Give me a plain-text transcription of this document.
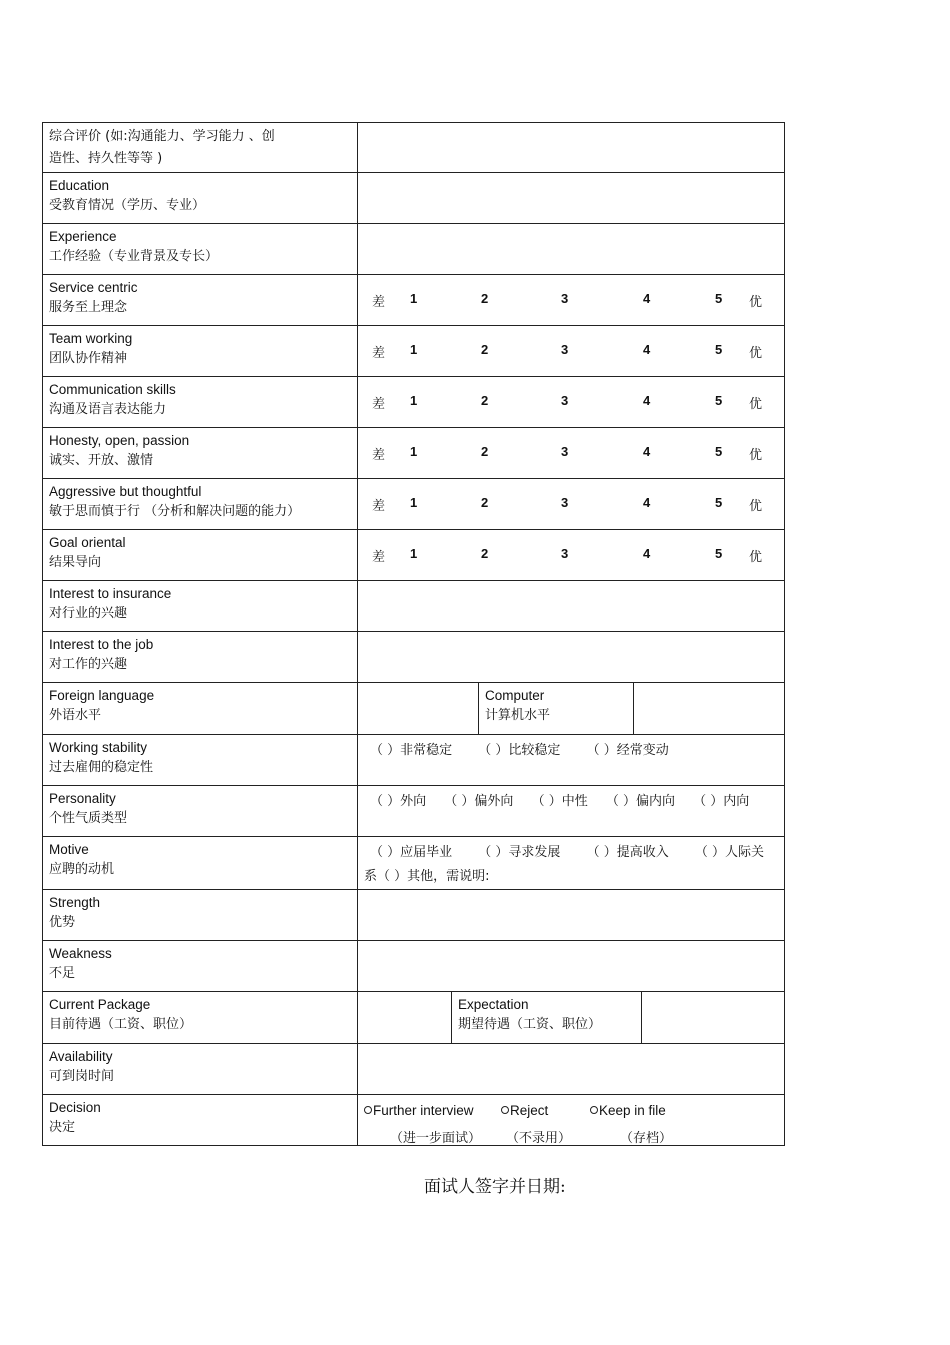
综合评价 (如:沟通能力、学习能力 、创
造性、持久性等等 )

Education
受教育情况（学历、专业）

Experience
工作经验（专业背景及专长）

Service centric
服务至上理念	差 1	2	3	4	5 优

Team working
团队协作精神	差 1	2	3	4	5 优

Communication skills
沟通及语言表达能力	差 1	2	3	4	5 优

Honesty, open, passion
诚实、开放、激情	差 1	2	3	4	5 优

Aggressive but thoughtful
敏于思而慎于行 （分析和解决问题的能力）	差 1	2	3	4	5 优

Goal oriental
结果导向	差 1	2	3	4	5 优

Interest to insurance
对行业的兴趣

Interest to the job
对工作的兴趣

Foreign language
外语水平

Computer
计算机水平

Working stability
过去雇佣的稳定性
	（ ）非常稳定 （ ）比较稳定 （ ）经常变动

Personality
个性气质类型
	（ ）外向 （ ）偏外向 （ ）中性 （ ）偏内向 （ ）内向

Motive
应聘的动机

（ ）应届毕业 （ ）寻求发展 （ ）提高收入 （ ）人际关
系（ ）其他，需说明:

Strength
优势

Weakness
不足

Current Package
目前待遇（工资、职位）

Expectation
期望待遇（工资、职位）

Availability
可到岗时间

Decision
决定

Further interview	Reject	Keep in file
（进一步面试） （不录用）	（存档）
面试人签字并日期:
